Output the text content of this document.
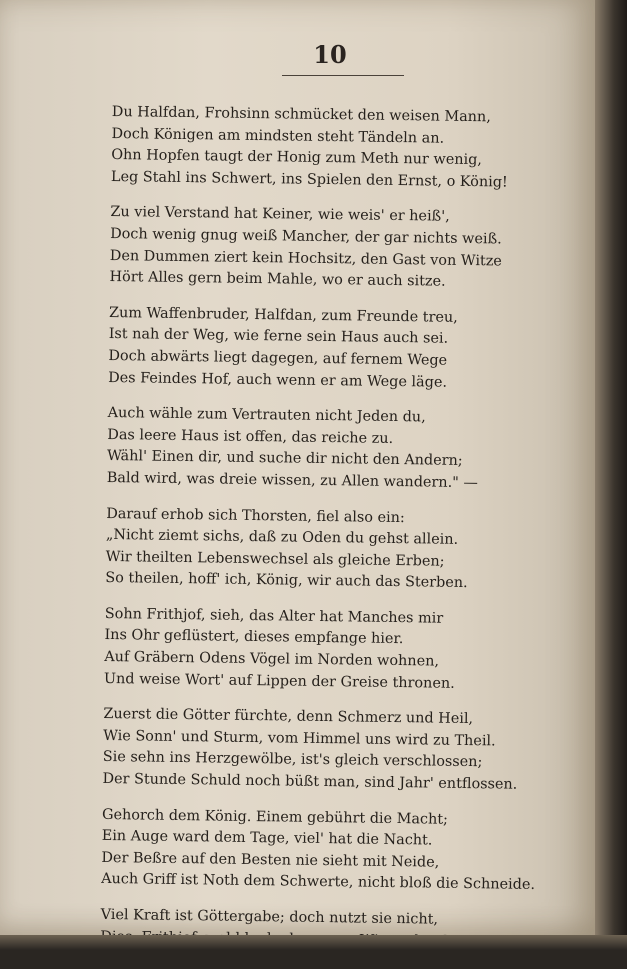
10
Du Halfdan, Frohsinn schmücket den weisen Mann,
Doch Königen am mindsten steht Tändeln an.
Ohn Hopfen taugt der Honig zum Meth nur wenig,
Leg Stahl ins Schwert, ins Spielen den Ernst, o König!
Zu viel Verstand hat Keiner, wie weis' er heiß',
Doch wenig gnug weiß Mancher, der gar nichts weiß.
Den Dummen ziert kein Hochsitz, den Gast von Witze
Hört Alles gern beim Mahle, wo er auch sitze.
Zum Waffenbruder, Halfdan, zum Freunde treu,
Ist nah der Weg, wie ferne sein Haus auch sei.
Doch abwärts liegt dagegen, auf fernem Wege
Des Feindes Hof, auch wenn er am Wege läge.
Auch wähle zum Vertrauten nicht Jeden du,
Das leere Haus ist offen, das reiche zu.
Wähl' Einen dir, und suche dir nicht den Andern;
Bald wird, was dreie wissen, zu Allen wandern." —
Darauf erhob sich Thorsten, fiel also ein:
„Nicht ziemt sichs, daß zu Oden du gehst allein.
Wir theilten Lebenswechsel als gleiche Erben;
So theilen, hoff' ich, König, wir auch das Sterben.
Sohn Frithjof, sieh, das Alter hat Manches mir
Ins Ohr geflüstert, dieses empfange hier.
Auf Gräbern Odens Vögel im Norden wohnen,
Und weise Wort' auf Lippen der Greise thronen.
Zuerst die Götter fürchte, denn Schmerz und Heil,
Wie Sonn' und Sturm, vom Himmel uns wird zu Theil.
Sie sehn ins Herzgewölbe, ist's gleich verschlossen;
Der Stunde Schuld noch büßt man, sind Jahr' entflossen.
Gehorch dem König. Einem gebührt die Macht;
Ein Auge ward dem Tage, viel' hat die Nacht.
Der Beßre auf den Besten nie sieht mit Neide,
Auch Griff ist Noth dem Schwerte, nicht bloß die Schneide.
Viel Kraft ist Göttergabe; doch nutzt sie nicht,
